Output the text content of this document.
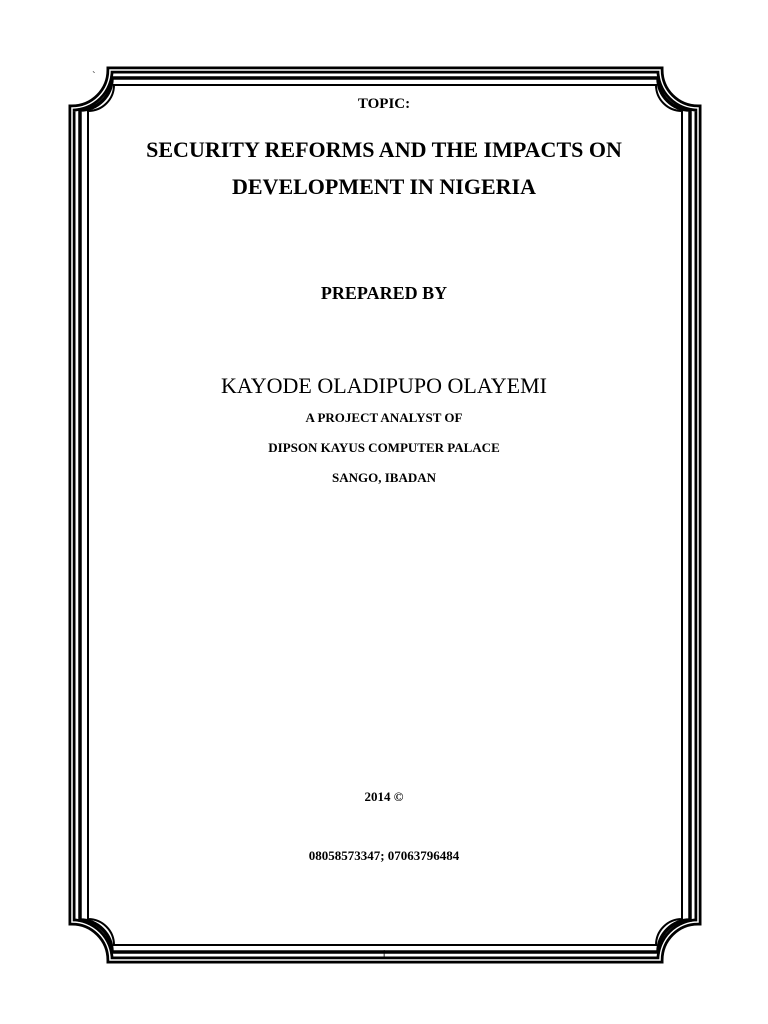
`
TOPIC:
SECURITY REFORMS AND THE IMPACTS ON
DEVELOPMENT IN NIGERIA
PREPARED BY
KAYODE OLADIPUPO OLAYEMI
A PROJECT ANALYST OF
DIPSON KAYUS COMPUTER PALACE
SANGO, IBADAN
2014 ©
08058573347; 07063796484
1
